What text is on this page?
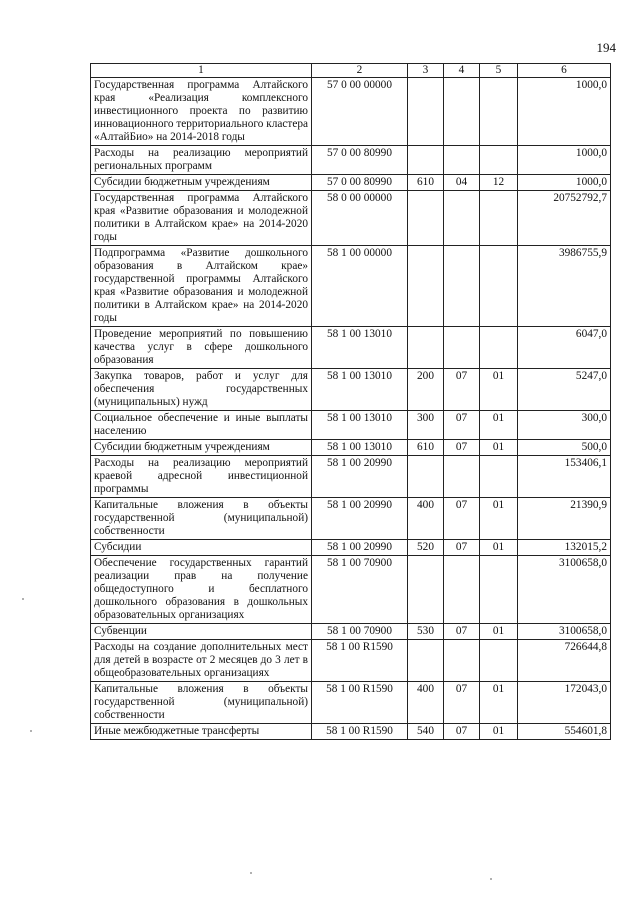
194
1	2	3	4	5	6
Государственная программа Алтайского края «Реализация комплексного инвестиционного проекта по развитию инновационного территориального кластера «АлтайБио» на 2014-2018 годы	57 0 00 00000				1000,0
Расходы на реализацию мероприятий региональных программ	57 0 00 80990				1000,0
Субсидии бюджетным учреждениям	57 0 00 80990	610	04	12	1000,0
Государственная программа Алтайского края «Развитие образования и молодежной политики в Алтайском крае» на 2014-2020 годы	58 0 00 00000				20752792,7
Подпрограмма «Развитие дошкольного образования в Алтайском крае» государственной программы Алтайского края «Развитие образования и молодежной политики в Алтайском крае» на 2014-2020 годы	58 1 00 00000				3986755,9
Проведение мероприятий по повышению качества услуг в сфере дошкольного образования	58 1 00 13010				6047,0
Закупка товаров, работ и услуг для обеспечения государственных (муниципальных) нужд	58 1 00 13010	200	07	01	5247,0
Социальное обеспечение и иные выплаты населению	58 1 00 13010	300	07	01	300,0
Субсидии бюджетным учреждениям	58 1 00 13010	610	07	01	500,0
Расходы на реализацию мероприятий краевой адресной инвестиционной программы	58 1 00 20990				153406,1
Капитальные вложения в объекты государственной (муниципальной) собственности	58 1 00 20990	400	07	01	21390,9
Субсидии	58 1 00 20990	520	07	01	132015,2
Обеспечение государственных гарантий реализации прав на получение общедоступного и бесплатного дошкольного образования в дошкольных образовательных организациях	58 1 00 70900				3100658,0
Субвенции	58 1 00 70900	530	07	01	3100658,0
Расходы на создание дополнительных мест для детей в возрасте от 2 месяцев до 3 лет в общеобразовательных организациях	58 1 00 R1590				726644,8
Капитальные вложения в объекты государственной (муниципальной) собственности	58 1 00 R1590	400	07	01	172043,0
Иные межбюджетные трансферты	58 1 00 R1590	540	07	01	554601,8
